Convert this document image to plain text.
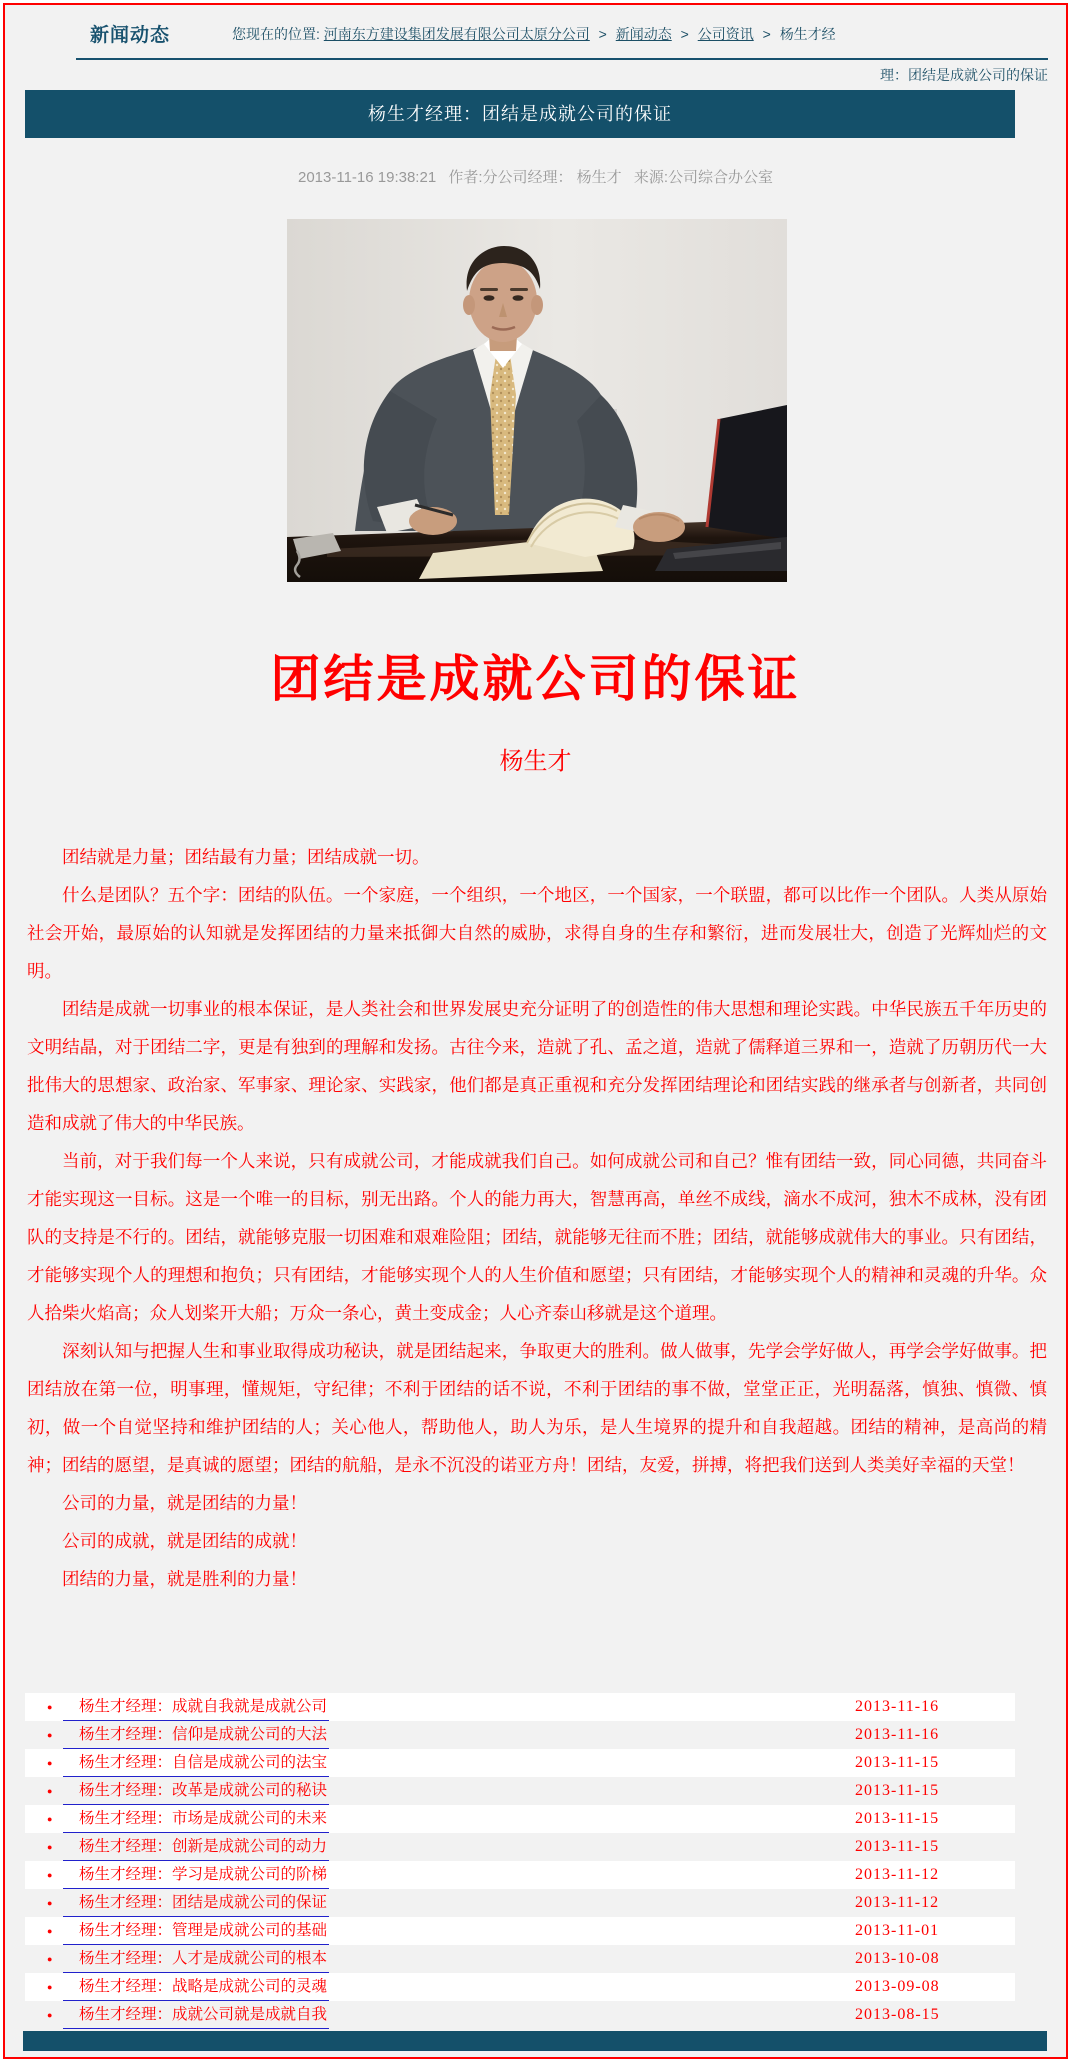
新闻动态	您现在的位置: 河南东方建设集团发展有限公司太原分公司 > 新闻动态 > 公司资讯 > 杨生才经
理：团结是成就公司的保证
杨生才经理：团结是成就公司的保证
2013-11-16 19:38:21 作者:分公司经理： 杨生才 来源:公司综合办公室
团结是成就公司的保证
杨生才

团结就是力量；团结最有力量；团结成就一切。

什么是团队？五个字：团结的队伍。一个家庭，一个组织，一个地区，一个国家，一个联盟，都可以比作一个团队。人类从原始社会开始，最原始的认知就是发挥团结的力量来抵御大自然的威胁，求得自身的生存和繁衍，进而发展壮大，创造了光辉灿烂的文明。

团结是成就一切事业的根本保证，是人类社会和世界发展史充分证明了的创造性的伟大思想和理论实践。中华民族五千年历史的文明结晶，对于团结二字，更是有独到的理解和发扬。古往今来，造就了孔、孟之道，造就了儒释道三界和一，造就了历朝历代一大批伟大的思想家、政治家、军事家、理论家、实践家，他们都是真正重视和充分发挥团结理论和团结实践的继承者与创新者，共同创造和成就了伟大的中华民族。

当前，对于我们每一个人来说，只有成就公司，才能成就我们自己。如何成就公司和自己？惟有团结一致，同心同德，共同奋斗才能实现这一目标。这是一个唯一的目标，别无出路。个人的能力再大，智慧再高，单丝不成线，滴水不成河，独木不成林，没有团队的支持是不行的。团结，就能够克服一切困难和艰难险阻；团结，就能够无往而不胜；团结，就能够成就伟大的事业。只有团结，才能够实现个人的理想和抱负；只有团结，才能够实现个人的人生价值和愿望；只有团结，才能够实现个人的精神和灵魂的升华。众人拾柴火焰高；众人划桨开大船；万众一条心，黄土变成金；人心齐泰山移就是这个道理。

深刻认知与把握人生和事业取得成功秘诀，就是团结起来，争取更大的胜利。做人做事，先学会学好做人，再学会学好做事。把团结放在第一位，明事理，懂规矩，守纪律；不利于团结的话不说，不利于团结的事不做，堂堂正正，光明磊落，慎独、慎微、慎初，做一个自觉坚持和维护团结的人；关心他人，帮助他人，助人为乐，是人生境界的提升和自我超越。团结的精神，是高尚的精神；团结的愿望，是真诚的愿望；团结的航船，是永不沉没的诺亚方舟！团结，友爱，拼搏，将把我们送到人类美好幸福的天堂！

公司的力量，就是团结的力量！

公司的成就，就是团结的成就！

团结的力量，就是胜利的力量！

● 杨生才经理：成就自我就是成就公司	2013-11-16
● 杨生才经理：信仰是成就公司的大法	2013-11-16
● 杨生才经理：自信是成就公司的法宝	2013-11-15
● 杨生才经理：改革是成就公司的秘诀	2013-11-15
● 杨生才经理：市场是成就公司的未来	2013-11-15
● 杨生才经理：创新是成就公司的动力	2013-11-15
● 杨生才经理：学习是成就公司的阶梯	2013-11-12
● 杨生才经理：团结是成就公司的保证	2013-11-12
● 杨生才经理：管理是成就公司的基础	2013-11-01
● 杨生才经理：人才是成就公司的根本	2013-10-08
● 杨生才经理：战略是成就公司的灵魂	2013-09-08
● 杨生才经理：成就公司就是成就自我	2013-08-15
